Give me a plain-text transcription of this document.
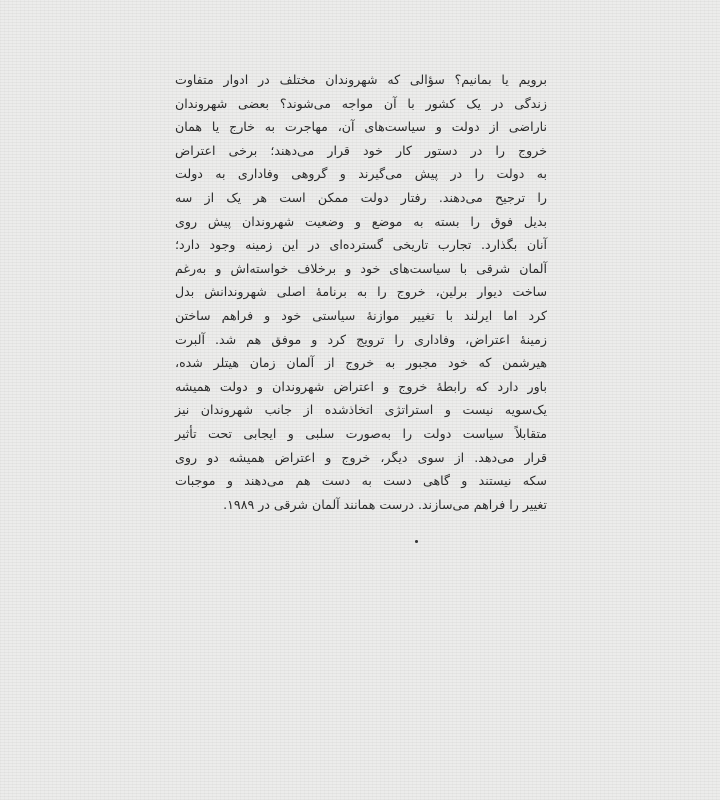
برویم یا بمانیم؟ سؤالی که شهروندان مختلف در ادوار متفاوت
زندگی در یک کشور با آن مواجه می‌شوند؟ بعضی شهروندان
ناراضی از دولت و سیاست‌های آن، مهاجرت به خارج یا همان
خروج را در دستور کار خود قرار می‌دهند؛ برخی اعتراض
به دولت را در پیش می‌گیرند و گروهی وفاداری به دولت
را ترجیح می‌دهند. رفتار دولت ممکن است هر یک از سه
بدیل فوق را بسته به موضع و وضعیت شهروندان پیش روی
آنان بگذارد. تجارب تاریخی گسترده‌ای در این زمینه وجود دارد؛
آلمان شرقی با سیاست‌های خود و برخلاف خواسته‌اش و به‌رغم
ساخت دیوار برلین، خروج را به برنامهٔ اصلی شهروندانش بدل
کرد اما ایرلند با تغییر موازنهٔ سیاستی خود و فراهم ساختن
زمینهٔ اعتراض، وفاداری را ترویج کرد و موفق هم شد. آلبرت
هیرشمن که خود مجبور به خروج از آلمان زمان هیتلر شده،
باور دارد که رابطهٔ خروج و اعتراض شهروندان و دولت همیشه
یک‌سویه نیست و استراتژی اتخاذشده از جانب شهروندان نیز
متقابلاً سیاست دولت را به‌صورت سلبی و ایجابی تحت تأثیر
قرار می‌دهد. از سوی دیگر، خروج و اعتراض همیشه دو روی
سکه نیستند و گاهی دست به دست هم می‌دهند و موجبات
تغییر را فراهم می‌سازند. درست همانند آلمان شرقی در ۱۹۸۹.
